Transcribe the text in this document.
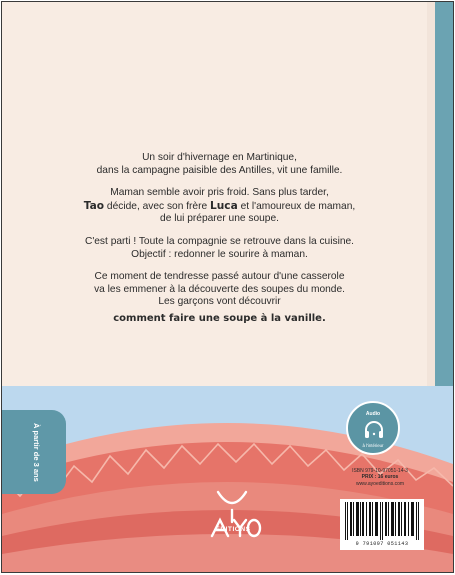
Un soir d'hivernage en Martinique,
dans la campagne paisible des Antilles, vit une famille.

Maman semble avoir pris froid. Sans plus tarder,
Tao décide, avec son frère Luca et l'amoureux de maman,
de lui préparer une soupe.

C'est parti ! Toute la compagnie se retrouve dans la cuisine.
Objectif : redonner le sourire à maman.

Ce moment de tendresse passé autour d'une casserole
va les emmener à la découverte des soupes du monde.
Les garçons vont découvrir
comment faire une soupe à la vanille.

À partir de 3 ans
Audio
à l'intérieur
ÉDITIONS
ISBN 979-10-97051-14-3
PRIX : 16 euros
www.ayoeditions.com
9 791097 051143
